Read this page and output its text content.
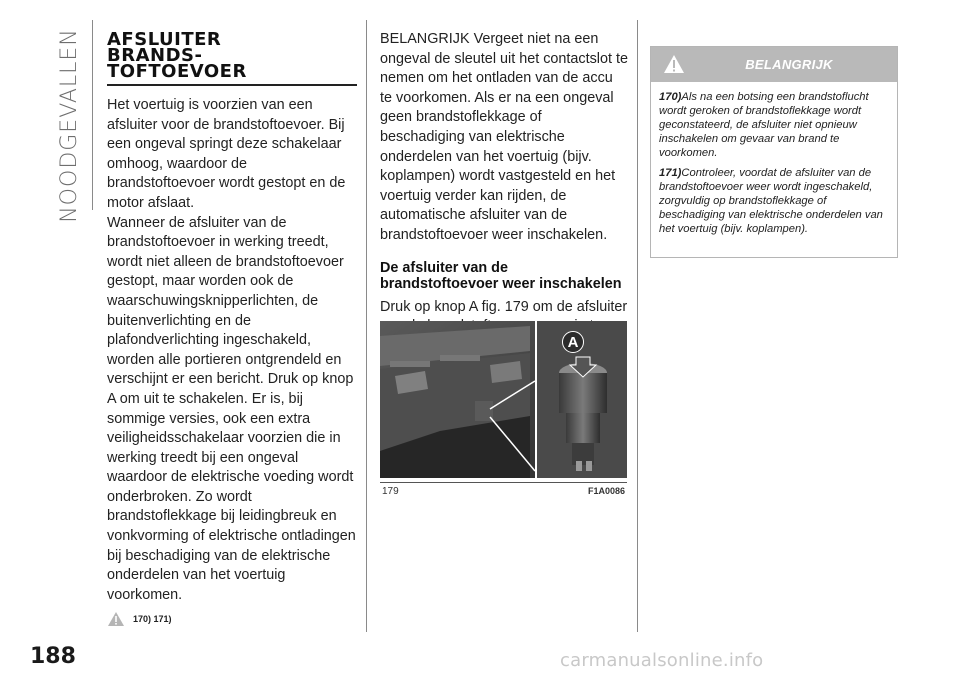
NOODGEVALLEN AFSLUITER
BRANDS-
TOFTOEVOER

Het voertuig is voorzien van een afsluiter voor de brandstoftoevoer. Bij een ongeval springt deze schakelaar omhoog, waardoor de brandstoftoevoer wordt gestopt en de motor afslaat.

Wanneer de afsluiter van de brandstoftoevoer in werking treedt, wordt niet alleen de brandstoftoevoer gestopt, maar worden ook de waarschuwingsknipperlichten, de buitenverlichting en de plafondverlichting ingeschakeld, worden alle portieren ontgrendeld en verschijnt er een bericht. Druk op knop A om uit te schakelen. Er is, bij sommige versies, ook een extra veiligheidsschakelaar voorzien die in werking treedt bij een ongeval waardoor de elektrische voeding wordt onderbroken. Zo wordt brandstoflekkage bij leidingbreuk en vonkvorming of elektrische ontladingen bij beschadiging van de elektrische onderdelen van het voertuig voorkomen.

170) 171)
BELANGRIJK Vergeet niet na een ongeval de sleutel uit het contactslot te nemen om het ontladen van de accu te voorkomen. Als er na een ongeval geen brandstoflekkage of beschadiging van elektrische onderdelen van het voertuig (bijv. koplampen) wordt vastgesteld en het voertuig verder kan rijden, de automatische afsluiter van de brandstoftoevoer weer inschakelen.
De afsluiter van de brandstoftoevoer weer inschakelen
Druk op knop A fig. 179 om de afsluiter
A
179	F1A0086
BELANGRIJK
170)Als na een botsing een brandstoflucht wordt geroken of brandstoflekkage wordt geconstateerd, de afsluiter niet opnieuw inschakelen om gevaar van brand te voorkomen.
171)Controleer, voordat de afsluiter van de brandstoftoevoer weer wordt ingeschakeld, zorgvuldig op brandstoflekkage of beschadiging van elektrische onderdelen van het voertuig (bijv. koplampen).
188	carmanualsonline.info
